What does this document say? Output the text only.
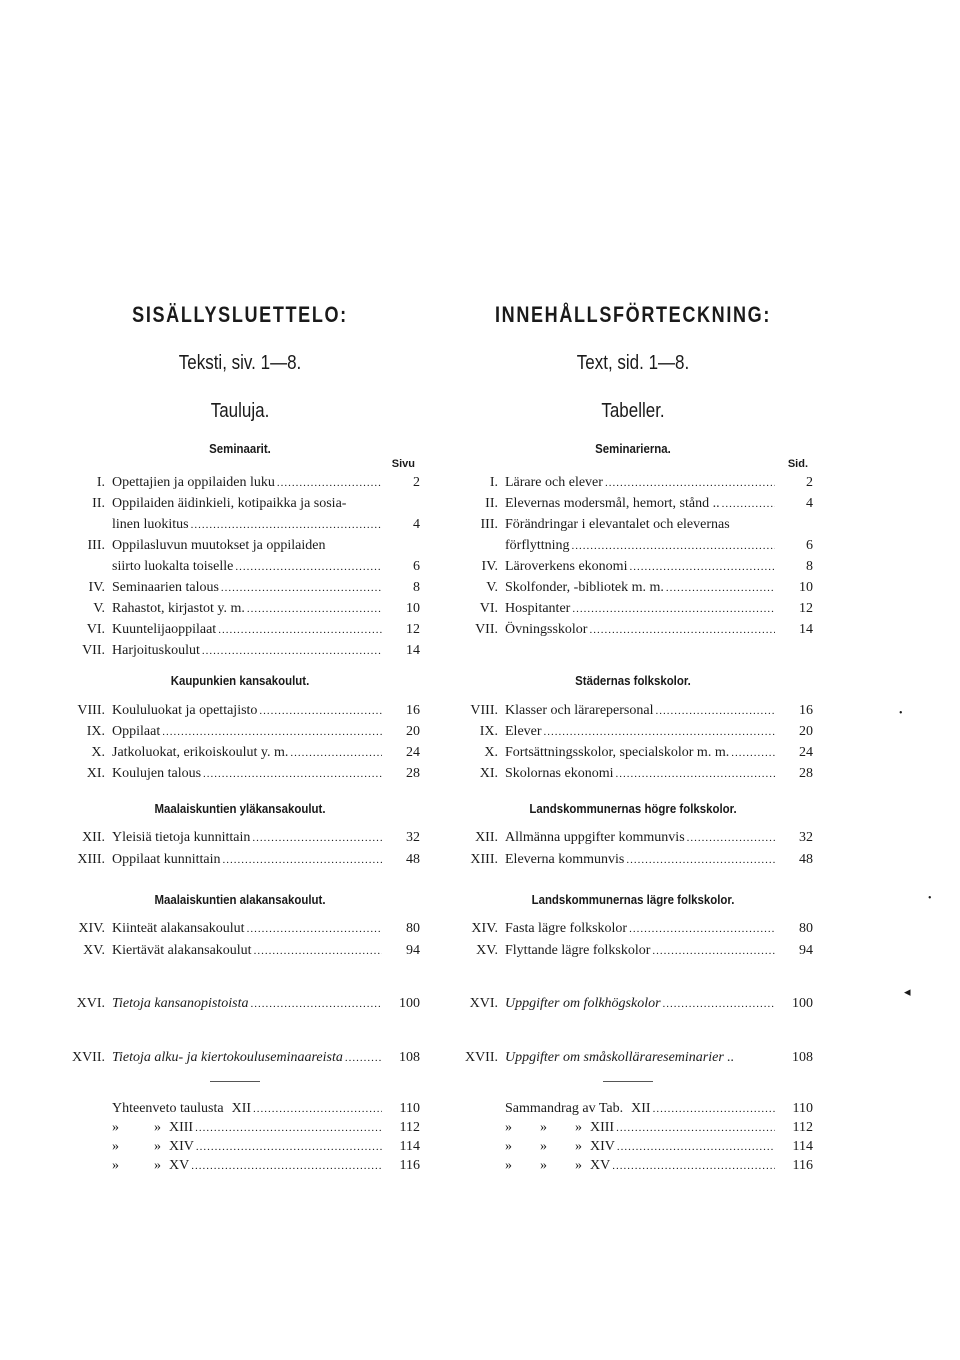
SISÄLLYSLUETTELO:
Teksti, siv. 1—8.
Tauluja.
Seminaarit.
Sivu
I. Opettajien ja oppilaiden luku .....	2
II. Oppilaiden äidinkieli, kotipaikka ja sosia-
linen luokitus .....	4
III. Oppilasluvun muutokset ja oppilaiden
siirto luokalta toiselle .....	6
IV. Seminaarien talous .....	8
V. Rahastot, kirjastot y. m. .....	10
VI. Kuuntelijaoppilaat .....	12
VII. Harjoituskoulut .....	14
Kaupunkien kansakoulut.
VIII. Koululuokat ja opettajisto .....	16
IX. Oppilaat .....	20
X. Jatkoluokat, erikoiskoulut y. m. .....	24
XI. Koulujen talous .....	28
Maalaiskuntien yläkansakoulut.
XII. Yleisiä tietoja kunnittain .....	32
XIII. Oppilaat kunnittain .....	48
Maalaiskuntien alakansakoulut.
XIV. Kiinteät alakansakoulut .....	80
XV. Kiertävät alakansakoulut .....	94
XVI. Tietoja kansanopistoista .....	100
XVII. Tietoja alku- ja kiertokouluseminaareista .....	108
Yhteenveto taulusta XII .....	110
»          » XIII .....	112
»          » XIV .....	114
»          » XV .....	116
INNEHÅLLSFÖRTECKNING:
Text, sid. 1—8.
Tabeller.
Seminarierna.
Sid.
I. Lärare och elever .....	2
II. Elevernas modersmål, hemort, stånd .. .....	4
III. Förändringar i elevantalet och elevernas
förflyttning .....	6
IV. Läroverkens ekonomi .....	8
V. Skolfonder, -bibliotek m. m. .....	10
VI. Hospitanter .....	12
VII. Övningsskolor .....	14
Städernas folkskolor.
VIII. Klasser och lärarepersonal .....	16
IX. Elever .....	20
X. Fortsättningsskolor, specialskolor m. m. .....	24
XI. Skolornas ekonomi .....	28
Landskommunernas högre folkskolor.
XII. Allmänna uppgifter kommunvis .....	32
XIII. Eleverna kommunvis .....	48
Landskommunernas lägre folkskolor.
XIV. Fasta lägre folkskolor .....	80
XV. Flyttande lägre folkskolor .....	94
XVI. Uppgifter om folkhögskolor .....	100
XVII. Uppgifter om småskollärareseminarier ..	108
Sammandrag av Tab. XII .....	110
»        »        » XIII .....	112
»        »        » XIV .....	114
»        »        » XV .....	116
•
•
◂
